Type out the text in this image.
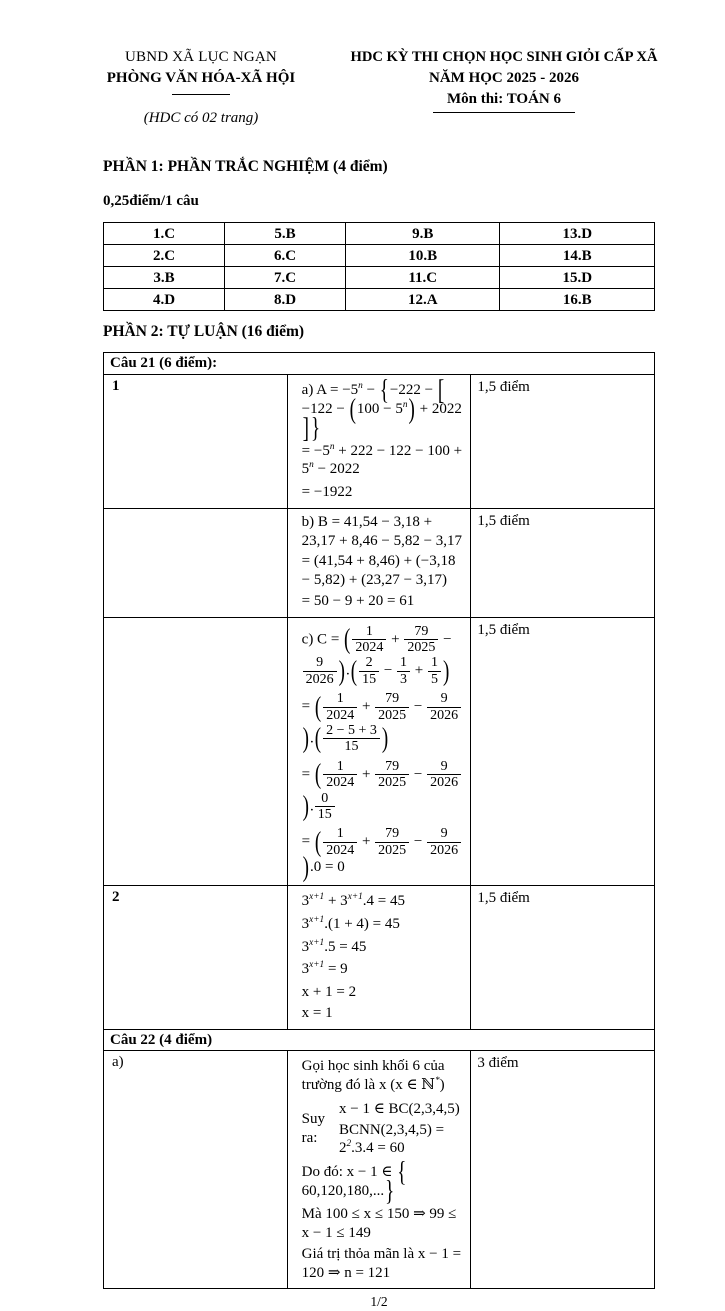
UBND XÃ LỤC NGẠN
PHÒNG VĂN HÓA-XÃ HỘI
(HDC có 02 trang)
HDC KỲ THI CHỌN HỌC SINH GIỎI CẤP XÃ
NĂM HỌC 2025 - 2026
Môn thi: TOÁN 6
PHẦN 1: PHẦN TRẮC NGHIỆM (4 điểm)
0,25điểm/1 câu
1.C	5.B	9.B	13.D
2.C	6.C	10.B	14.B
3.B	7.C	11.C	15.D
4.D	8.D	12.A	16.B
PHẦN 2: TỰ LUẬN (16 điểm)
Câu 21 (6 điểm):		
1	a) $A = -5^n - \{-222$ − [ $-122 - (100 - 5^n) + 2022$ ] }
= $-5^n + 222 - 122 - 100 + 5^n - 2022$
= −1922	1,5 điểm

	b) B = 41,54 − 3,18 + 23,17 + 8,46 − 5,82 − 3,17
= (41,54 + 8,46) + (−3,18 − 5,82) + (23,27 − 3,17)
= 50 − 9 + 20 = 61	1,5 điểm

c) C = ( $\frac{1}{2024} + \frac{79}{2025}$ −
$\frac{9}{2026}$ ).( $\frac{2}{15} - \frac{1}{3} + \frac{1}{5}$ )
= ( $\frac{1}{2024} + \frac{79}{2025} - \frac{9}{2026}$
).( $\frac{2 - 5 + 3}{15}$ )
= ( $\frac{1}{2024} + \frac{79}{2025} - \frac{9}{2026}$
). $\frac{0}{15}$
= ( $\frac{1}{2024} + \frac{79}{2025} - \frac{9}{2026}$
).0 = 0
	1,5 điểm
2	$3^{x+1} + 3^{x+1}.4 = 45$
$3^{x+1}.(1 + 4) = 45$
$3^{x+1}.5 = 45$
$3^{x+1} = 9$
x + 1 = 2
x = 1
	1,5 điểm
Câu 22 (4 điểm)		
a)	Gọi học sinh khối 6 của trường đó là x (x ∈ ℕ*)
Suy ra:
x − 1 ∈ BC(2,3,4,5)
BCNN(2,3,4,5) = $2^2.3.4 = 60$
Do đó: x − 1 ∈ {60,120,180,...}
Mà 100 ≤ x ≤ 150 ⇒ 99 ≤ x − 1 ≤ 149
Giá trị thỏa mãn là x − 1 = 120 ⇒ n = 121
	3 điểm
1/2
